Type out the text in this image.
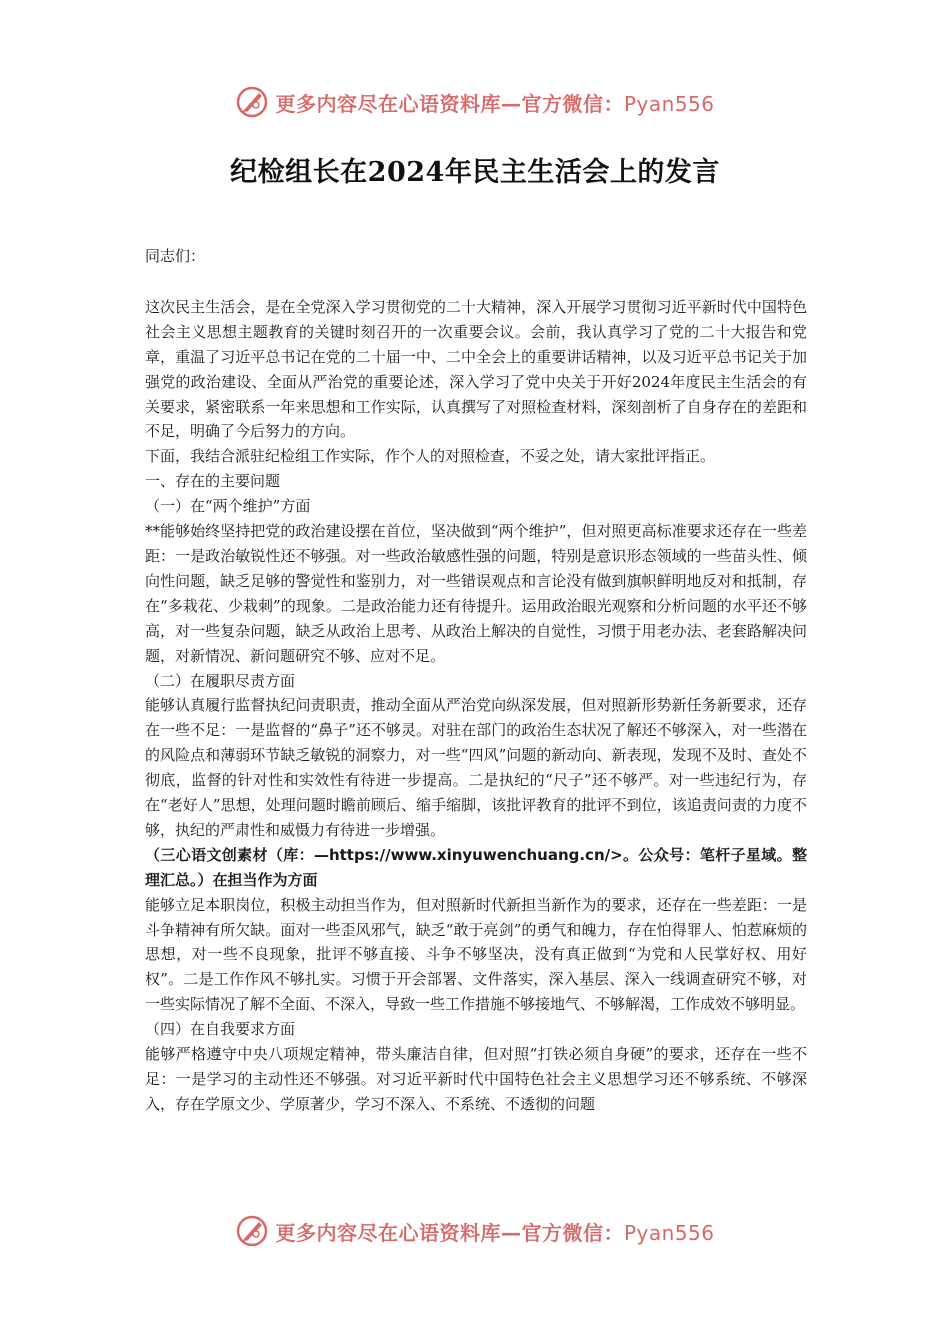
更多内容尽在心语资料库—官方微信：Pyan556
纪检组长在2024年民主生活会上的发言

同志们：

这次民主生活会，是在全党深入学习贯彻党的二十大精神，深入开展学习贯彻习近平新时代中国特色社会主义思想主题教育的关键时刻召开的一次重要会议。会前，我认真学习了党的二十大报告和党章，重温了习近平总书记在党的二十届一中、二中全会上的重要讲话精神，以及习近平总书记关于加强党的政治建设、全面从严治党的重要论述，深入学习了党中央关于开好2024年度民主生活会的有关要求，紧密联系一年来思想和工作实际，认真撰写了对照检查材料，深刻剖析了自身存在的差距和不足，明确了今后努力的方向。

下面，我结合派驻纪检组工作实际，作个人的对照检查，不妥之处，请大家批评指正。

一、存在的主要问题

（一）在“两个维护”方面

**能够始终坚持把党的政治建设摆在首位，坚决做到“两个维护”，但对照更高标准要求还存在一些差距：一是政治敏锐性还不够强。对一些政治敏感性强的问题，特别是意识形态领域的一些苗头性、倾向性问题，缺乏足够的警觉性和鉴别力，对一些错误观点和言论没有做到旗帜鲜明地反对和抵制，存在“多栽花、少栽刺”的现象。二是政治能力还有待提升。运用政治眼光观察和分析问题的水平还不够高，对一些复杂问题，缺乏从政治上思考、从政治上解决的自觉性，习惯于用老办法、老套路解决问题，对新情况、新问题研究不够、应对不足。

（二）在履职尽责方面

能够认真履行监督执纪问责职责，推动全面从严治党向纵深发展，但对照新形势新任务新要求，还存在一些不足：一是监督的“鼻子”还不够灵。对驻在部门的政治生态状况了解还不够深入，对一些潜在的风险点和薄弱环节缺乏敏锐的洞察力，对一些“四风”问题的新动向、新表现，发现不及时、查处不彻底，监督的针对性和实效性有待进一步提高。二是执纪的“尺子”还不够严。对一些违纪行为，存在“老好人”思想，处理问题时瞻前顾后、缩手缩脚，该批评教育的批评不到位，该追责问责的力度不够，执纪的严肃性和威慑力有待进一步增强。

（三心语文创素材（库：—https://www.xinyuwenchuang.cn/>。公众号：笔杆子星域。整理汇总。）在担当作为方面

能够立足本职岗位，积极主动担当作为，但对照新时代新担当新作为的要求，还存在一些差距：一是斗争精神有所欠缺。面对一些歪风邪气，缺乏“敢于亮剑”的勇气和魄力，存在怕得罪人、怕惹麻烦的思想，对一些不良现象，批评不够直接、斗争不够坚决，没有真正做到“为党和人民掌好权、用好权”。二是工作作风不够扎实。习惯于开会部署、文件落实，深入基层、深入一线调查研究不够，对一些实际情况了解不全面、不深入，导致一些工作措施不够接地气、不够解渴，工作成效不够明显。

（四）在自我要求方面

能够严格遵守中央八项规定精神，带头廉洁自律，但对照“打铁必须自身硬”的要求，还存在一些不足：一是学习的主动性还不够强。对习近平新时代中国特色社会主义思想学习还不够系统、不够深入，存在学原文少、学原著少，学习不深入、不系统、不透彻的问题

更多内容尽在心语资料库—官方微信：Pyan556
